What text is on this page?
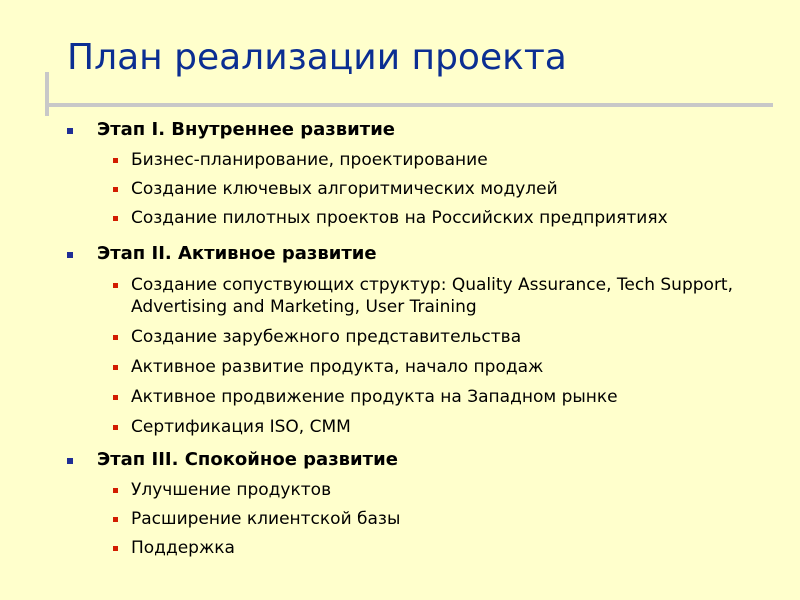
План реализации проекта
Этап I. Внутреннее развитие
Бизнес-планирование, проектирование
Создание ключевых алгоритмических модулей
Создание пилотных проектов на Российских предприятиях
Этап II. Активное развитие
Создание сопуствующих структур: Quality Assurance, Tech Support, Advertising and Marketing, User Training
Создание зарубежного представительства
Активное развитие продукта, начало продаж
Активное продвижение продукта на Западном рынке
Сертификация ISO, CMM
Этап III. Спокойное развитие
Улучшение продуктов
Расширение клиентской базы
Поддержка
